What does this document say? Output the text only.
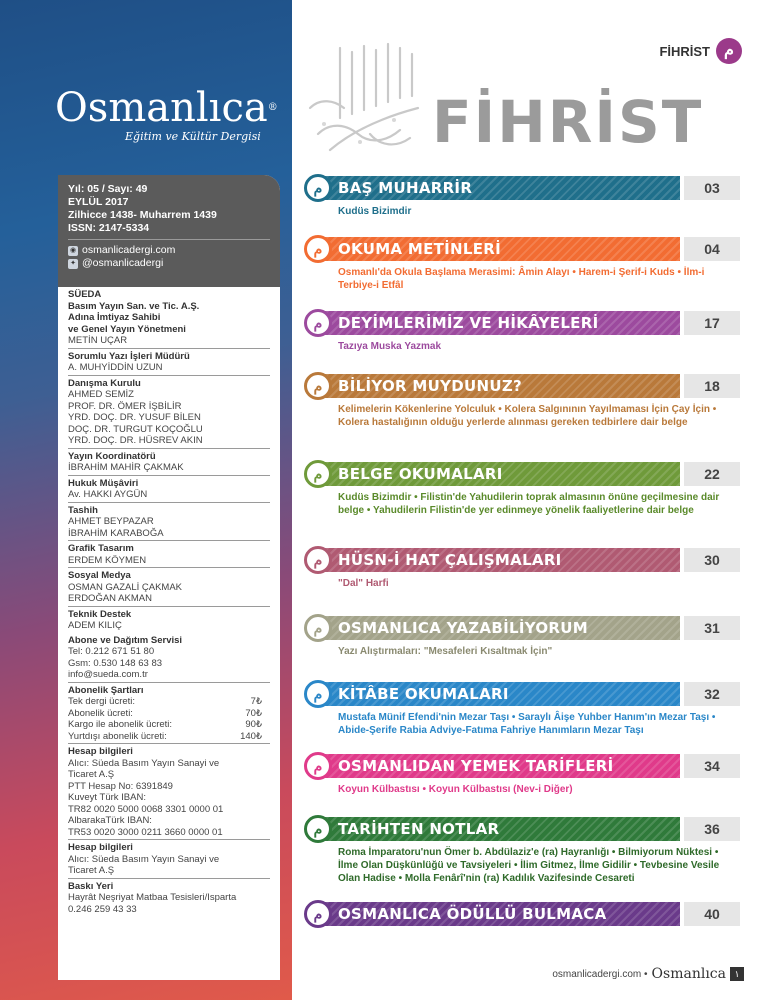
Osmanlıca®
Eğitim ve Kültür Dergisi
Yıl: 05 / Sayı: 49
EYLÜL 2017
Zilhicce 1438- Muharrem 1439
ISSN: 2147-5334
◉ osmanlicadergi.com
✦ @osmanlicadergi
SÜEDA
Basım Yayın San. ve Tic. A.Ş.
Adına İmtiyaz Sahibi
ve Genel Yayın Yönetmeni
METİN UÇAR
Sorumlu Yazı İşleri Müdürü
A. MUHYİDDİN UZUN
Danışma Kurulu
AHMED SEMİZ
PROF. DR. ÖMER İŞBİLİR
YRD. DOÇ. DR. YUSUF BİLEN
DOÇ. DR. TURGUT KOÇOĞLU
YRD. DOÇ. DR. HÜSREV AKIN
Yayın Koordinatörü
İBRAHİM MAHİR ÇAKMAK
Hukuk Müşâviri
Av. HAKKI AYGÜN
Tashih
AHMET BEYPAZAR
İBRAHİM KARABOĞA
Grafik Tasarım
ERDEM KÖYMEN
Sosyal Medya
OSMAN GAZALİ ÇAKMAK
ERDOĞAN AKMAN
Teknik Destek
ADEM KILIÇ
Abone ve Dağıtım Servisi
Tel: 0.212 671 51 80
Gsm: 0.530 148 63 83
info@sueda.com.tr
Abonelik Şartları
Tek dergi ücreti:	7₺
Abonelik ücreti:	70₺
Kargo ile abonelik ücreti:	90₺
Yurtdışı abonelik ücreti:	140₺
Hesap bilgileri
Alıcı: Süeda Basım Yayın Sanayi ve
Ticaret A.Ş
PTT Hesap No: 6391849
Kuveyt Türk IBAN:
TR82 0020 5000 0068 3301 0000 01
AlbarakaTürk IBAN:
TR53 0020 3000 0211 3660 0000 01
Hesap bilgileri
Alıcı: Süeda Basım Yayın Sanayi ve
Ticaret A.Ş
Baskı Yeri
Hayrât Neşriyat Matbaa Tesisleri/Isparta
0.246 259 43 33
FİHRİST
FİHRİST م
م	BAŞ MUHARRİR	03
Kudüs Bizimdir
م	OKUMA METİNLERİ	04
Osmanlı'da Okula Başlama Merasimi: Âmin Alayı • Harem-i Şerif-i Kuds • İlm-i Terbiye-i Etfâl
م	DEYİMLERİMİZ VE HİKÂYELERİ	17
Tazıya Muska Yazmak
م	BİLİYOR MUYDUNUZ?	18
Kelimelerin Kökenlerine Yolculuk • Kolera Salgınının Yayılmaması İçin Çay İçin • Kolera hastalığının olduğu yerlerde alınması gereken tedbirlere dair belge
م	BELGE OKUMALARI	22
Kudüs Bizimdir • Filistin'de Yahudilerin toprak almasının önüne geçilmesine dair belge • Yahudilerin Filistin'de yer edinmeye yönelik faaliyetlerine dair belge
م	HÜSN-İ HAT ÇALIŞMALARI	30
"Dal" Harfi
م	OSMANLICA YAZABİLİYORUM	31
Yazı Alıştırmaları: "Mesafeleri Kısaltmak İçin"
م	KİTÂBE OKUMALARI	32
Mustafa Münif Efendi'nin Mezar Taşı • Saraylı Âişe Yuhber Hanım'ın Mezar Taşı • Abide-Şerife Rabia Adviye-Fatıma Fahriye Hanımların Mezar Taşı
م	OSMANLIDAN YEMEK TARİFLERİ	34
Koyun Külbastısı • Koyun Külbastısı (Nev-i Diğer)
م	TARİHTEN NOTLAR	36
Roma İmparatoru'nun Ömer b. Abdülaziz'e (ra) Hayranlığı • Bilmiyorum Nüktesi • İlme Olan Düşkünlüğü ve Tavsiyeleri • İlim Gitmez, İlme Gidilir • Tevbesine Vesile Olan Hadise • Molla Fenârî'nin (ra) Kadılık Vazifesinde Cesareti
م	OSMANLICA ÖDÜLLÜ BULMACA	40
osmanlicadergi.com • Osmanlıca ١
